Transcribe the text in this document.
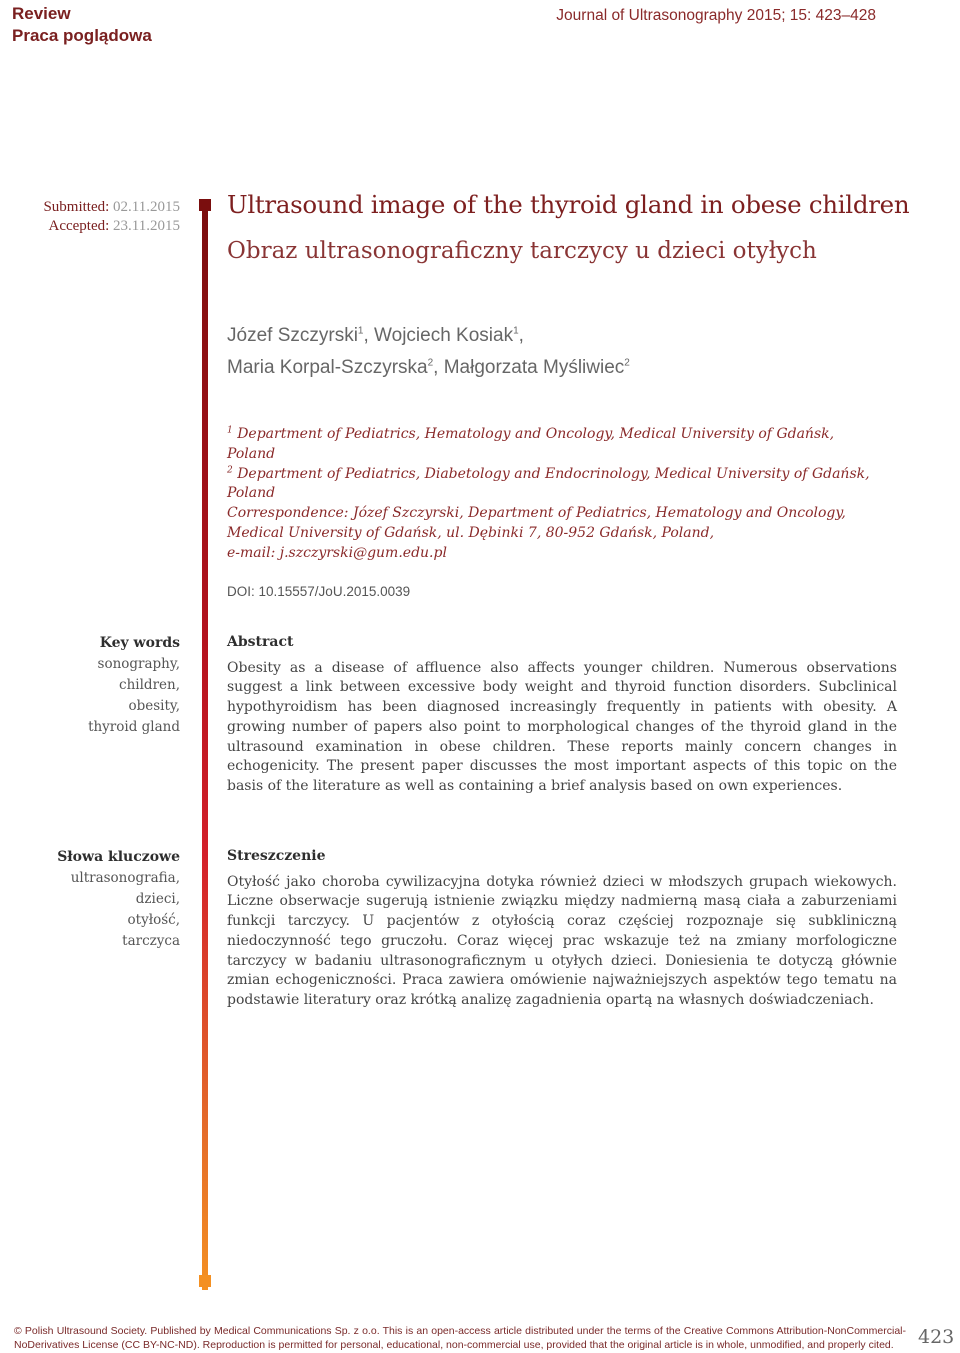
Review
Praca poglądowa
Journal of Ultrasonography 2015; 15: 423–428
Submitted: 02.11.2015
Accepted: 23.11.2015
Ultrasound image of the thyroid gland in obese children
Obraz ultrasonograficzny tarczycy u dzieci otyłych
Józef Szczyrski$^1$, Wojciech Kosiak$^1$,
Maria Korpal-Szczyrska$^2$, Małgorzata Myśliwiec$^2$
$^1$ Department of Pediatrics, Hematology and Oncology, Medical University of Gdańsk, Poland
$^2$ Department of Pediatrics, Diabetology and Endocrinology, Medical University of Gdańsk, Poland
Correspondence: Józef Szczyrski, Department of Pediatrics, Hematology and Oncology, Medical University of Gdańsk, ul. Dębinki 7, 80-952 Gdańsk, Poland,
e-mail: j.szczyrski@gum.edu.pl
DOI: 10.15557/JoU.2015.0039
Key words
sonography,
children,
obesity,
thyroid gland
Abstract
Obesity as a disease of affluence also affects younger children. Numerous observations suggest a link between excessive body weight and thyroid function disorders. Subclinical hypothyroidism has been diagnosed increasingly frequently in patients with obesity. A growing number of papers also point to morphological changes of the thyroid gland in the ultrasound examination in obese children. These reports mainly concern changes in echogenicity. The present paper discusses the most important aspects of this topic on the basis of the literature as well as containing a brief analysis based on own experiences.
Słowa kluczowe
ultrasonografia,
dzieci,
otyłość,
tarczyca
Streszczenie
Otyłość jako choroba cywilizacyjna dotyka również dzieci w młodszych grupach wiekowych. Liczne obserwacje sugerują istnienie związku między nadmierną masą ciała a zaburzeniami funkcji tarczycy. U pacjentów z otyłością coraz częściej rozpoznaje się subkliniczną niedoczynność tego gruczołu. Coraz więcej prac wskazuje też na zmiany morfologiczne tarczycy w badaniu ultrasonograficznym u otyłych dzieci. Doniesienia te dotyczą głównie zmian echogeniczności. Praca zawiera omówienie najważniejszych aspektów tego tematu na podstawie literatury oraz krótką analizę zagadnienia opartą na własnych doświadczeniach.
© Polish Ultrasound Society. Published by Medical Communications Sp. z o.o. This is an open-access article distributed under the terms of the Creative Commons Attribution-NonCommercial-NoDerivatives License (CC BY-NC-ND). Reproduction is permitted for personal, educational, non-commercial use, provided that the original article is in whole, unmodified, and properly cited.	423
